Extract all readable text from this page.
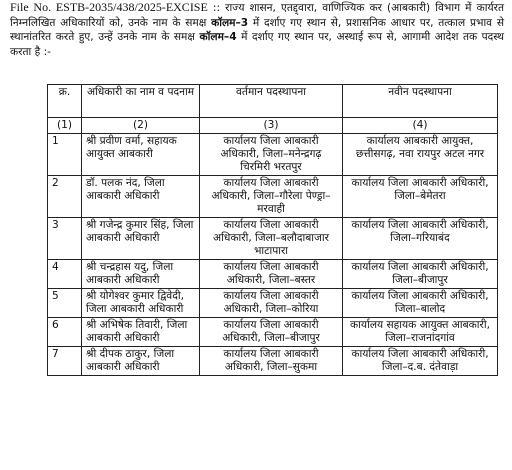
File No. ESTB-2035/438/2025-EXCISE :: राज्य शासन, एतद्द्वारा, वाणिज्यिक कर (आबकारी) विभाग में कार्यरत निम्नलिखित अधिकारियों को, उनके नाम के समक्ष कॉलम–3 में दर्शाए गए स्थान से, प्रशासनिक आधार पर, तत्काल प्रभाव से स्थानांतरित करते हुए, उन्हें उनके नाम के समक्ष कॉलम–4 में दर्शाए गए स्थान पर, अस्थाई रूप से, आगामी आदेश तक पदस्थ करता है :-
क्र.	अधिकारी का नाम व पदनाम	वर्तमान पदस्थापना	नवीन पदस्थापना
(1)	(2)	(3)	(4)
1	श्री प्रवीण वर्मा, सहायक आयुक्त आबकारी	कार्यालय जिला आबकारी अधिकारी, जिला–मनेन्द्रगढ़ चिरमिरी भरतपुर	कार्यालय आबकारी आयुक्त, छत्तीसगढ़, नवा रायपुर अटल नगर
2	डॉ. पलक नंद, जिला आबकारी अधिकारी	कार्यालय जिला आबकारी अधिकारी, जिला–गौरेला पेण्ड्रा–मरवाही	कार्यालय जिला आबकारी अधिकारी, जिला–बेमेतरा
3	श्री गजेन्द्र कुमार सिंह, जिला आबकारी अधिकारी	कार्यालय जिला आबकारी अधिकारी, जिला–बलौदाबाजार भाटापारा	कार्यालय जिला आबकारी अधिकारी, जिला–गरियाबंद
4	श्री चन्द्रहास यदु, जिला आबकारी अधिकारी	कार्यालय जिला आबकारी अधिकारी, जिला–बस्तर	कार्यालय जिला आबकारी अधिकारी, जिला–बीजापुर
5	श्री योगेश्वर कुमार द्विवेदी, जिला आबकारी अधिकारी	कार्यालय जिला आबकारी अधिकारी, जिला–कोरिया	कार्यालय जिला आबकारी अधिकारी, जिला–बालोद
6	श्री अभिषेक तिवारी, जिला आबकारी अधिकारी	कार्यालय जिला आबकारी अधिकारी, जिला–बीजापुर	कार्यालय सहायक आयुक्त आबकारी, जिला–राजनांदगांव
7	श्री दीपक ठाकुर, जिला आबकारी अधिकारी	कार्यालय जिला आबकारी अधिकारी, जिला–सुकमा	कार्यालय जिला आबकारी अधिकारी, जिला–द.ब. दंतेवाड़ा
